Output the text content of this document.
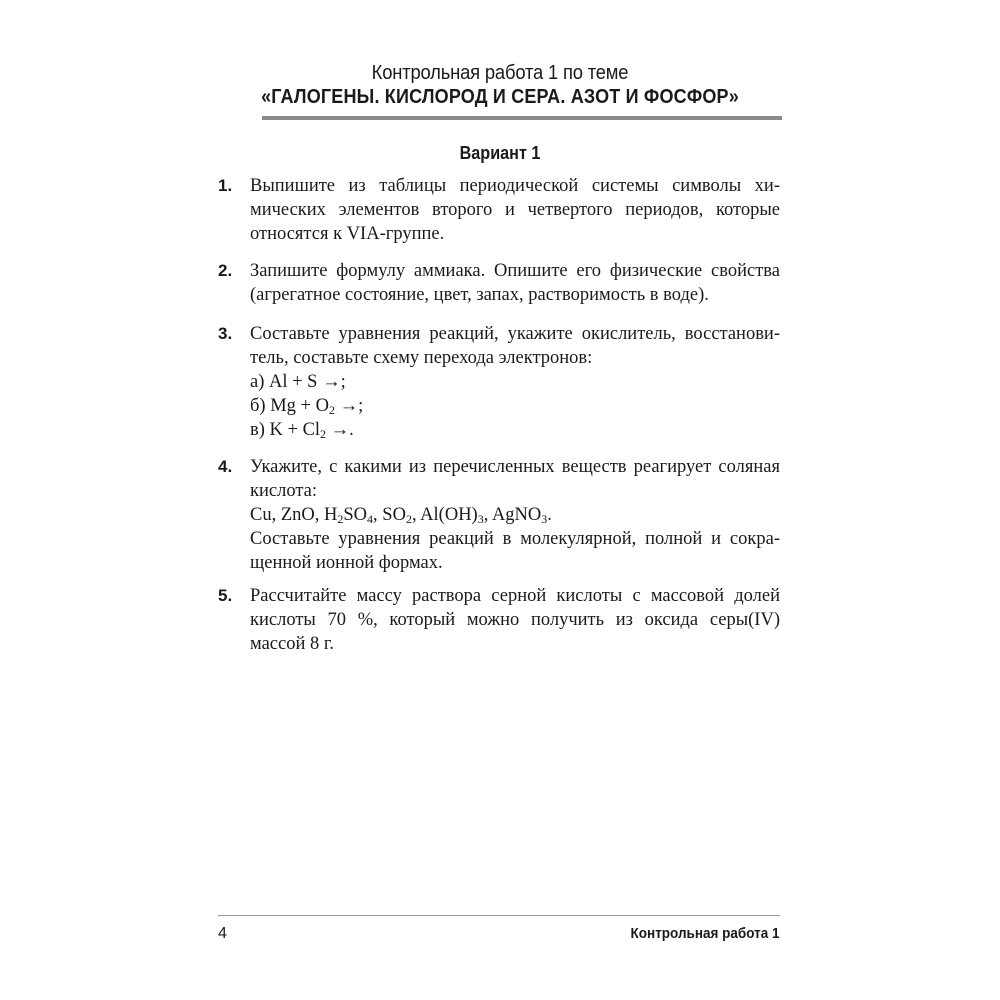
Контрольная работа 1 по теме
«ГАЛОГЕНЫ. КИСЛОРОД И СЕРА. АЗОТ И ФОСФОР»
Вариант 1
1. Выпишите из таблицы периодической системы символы хи-
мических элементов второго и четвертого периодов, которые
относятся к VIA-группе.
2. Запишите формулу аммиака. Опишите его физические свойства
(агрегатное состояние, цвет, запах, растворимость в воде).
3. Составьте уравнения реакций, укажите окислитель, восстанови-
тель, составьте схему перехода электронов:
а) Al + S →;
б) $Mg + O_2$ →;
в) $K + Cl_2$ →.
4. Укажите, с какими из перечисленных веществ реагирует соляная
кислота:
Cu, ZnO, $H_2SO_4$, $SO_2$, $Al(OH)_3$, AgNO$_3$.
Составьте уравнения реакций в молекулярной, полной и сокра-
щенной ионной формах.
5. Рассчитайте массу раствора серной кислоты с массовой долей
кислоты 70 %, который можно получить из оксида серы(IV)
массой 8 г.
4	Контрольная работа 1
